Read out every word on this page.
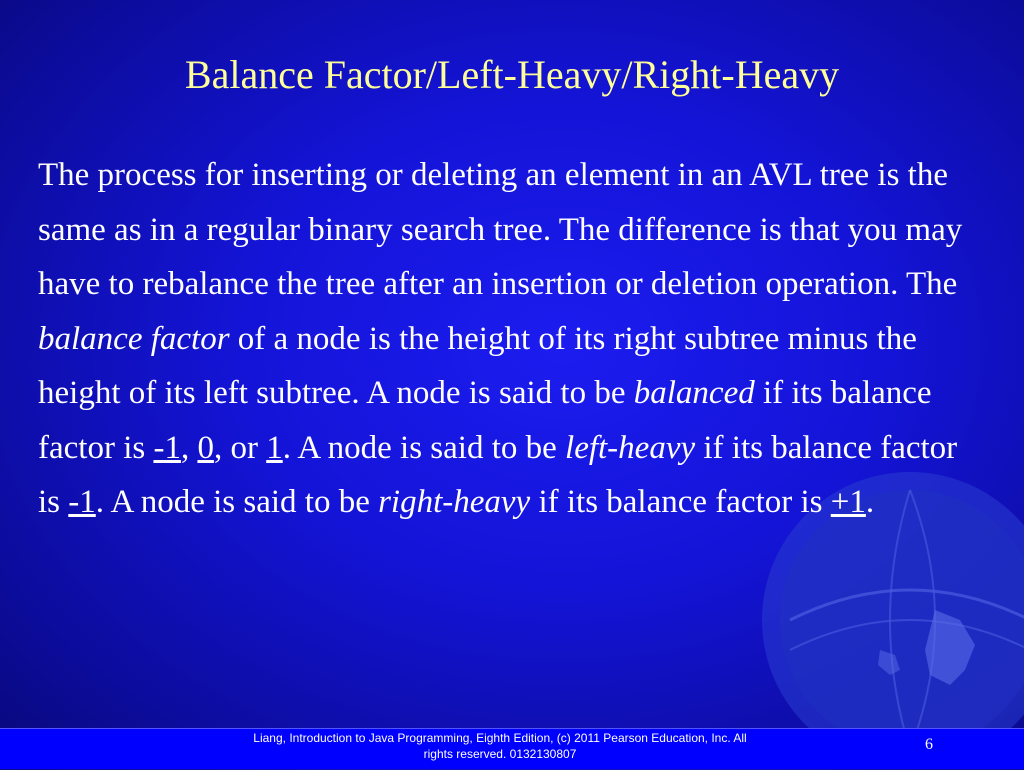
Balance Factor/Left-Heavy/Right-Heavy

The process for inserting or deleting an element in an AVL tree is the same as in a regular binary search tree. The difference is that you may have to rebalance the tree after an insertion or deletion operation. The balance factor of a node is the height of its right subtree minus the height of its left subtree. A node is said to be balanced if its balance factor is -1, 0, or 1. A node is said to be left-heavy if its balance factor is -1. A node is said to be right-heavy if its balance factor is +1.

Liang, Introduction to Java Programming, Eighth Edition, (c) 2011 Pearson Education, Inc. All
rights reserved. 0132130807
6
